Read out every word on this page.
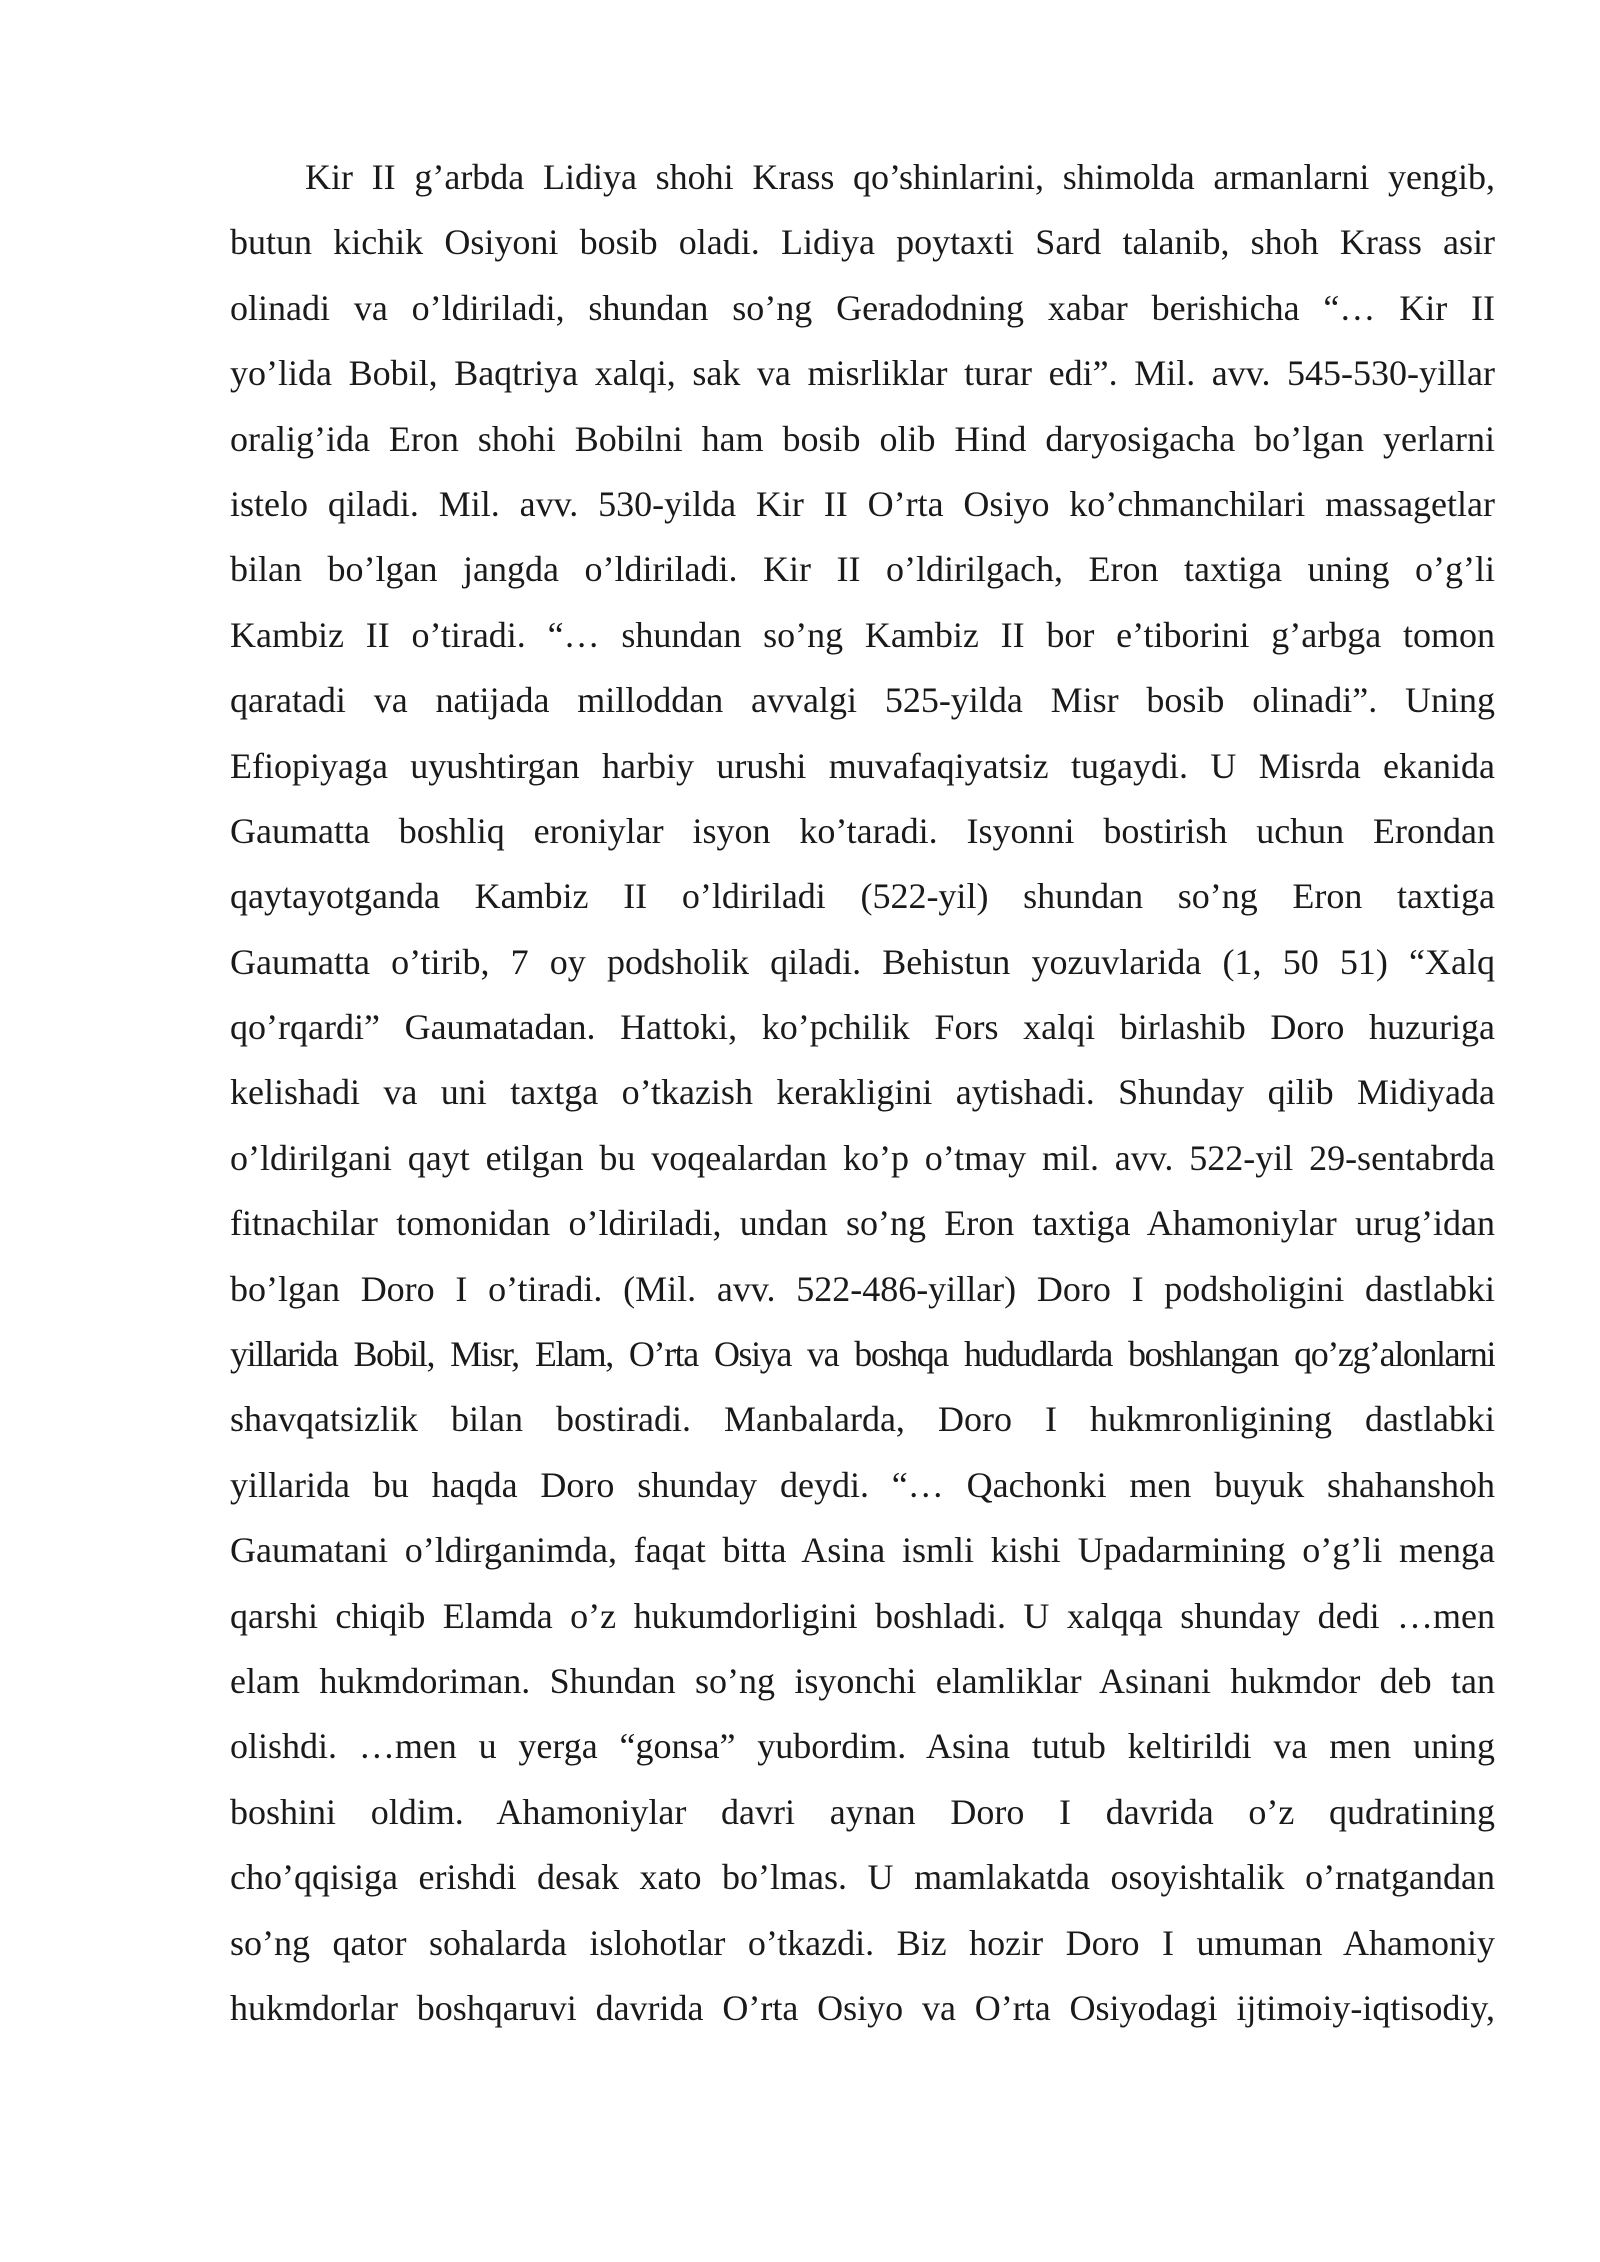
Kir II g’arbda Lidiya shohi Krass qo’shinlarini, shimolda armanlarni yengib,
butun kichik Osiyoni bosib oladi. Lidiya poytaxti Sard talanib, shoh Krass asir
olinadi va o’ldiriladi, shundan so’ng Geradodning xabar berishicha “… Kir II
yo’lida Bobil, Baqtriya xalqi, sak va misrliklar turar edi”. Mil. avv. 545-530-yillar
oralig’ida Eron shohi Bobilni ham bosib olib Hind daryosigacha bo’lgan yerlarni
istelo qiladi. Mil. avv. 530-yilda Kir II O’rta Osiyo ko’chmanchilari massagetlar
bilan bo’lgan jangda o’ldiriladi. Kir II o’ldirilgach, Eron taxtiga uning o’g’li
Kambiz II o’tiradi. “… shundan so’ng Kambiz II bor e’tiborini g’arbga tomon
qaratadi va natijada milloddan avvalgi 525-yilda Misr bosib olinadi”. Uning
Efiopiyaga uyushtirgan harbiy urushi muvafaqiyatsiz tugaydi. U Misrda ekanida
Gaumatta boshliq eroniylar isyon ko’taradi. Isyonni bostirish uchun Erondan
qaytayotganda Kambiz II o’ldiriladi (522-yil) shundan so’ng Eron taxtiga
Gaumatta o’tirib, 7 oy podsholik qiladi. Behistun yozuvlarida (1, 50 51) “Xalq
qo’rqardi” Gaumatadan. Hattoki, ko’pchilik Fors xalqi birlashib Doro huzuriga
kelishadi va uni taxtga o’tkazish kerakligini aytishadi. Shunday qilib Midiyada
o’ldirilgani qayt etilgan bu voqealardan ko’p o’tmay mil. avv. 522-yil 29-sentabrda
fitnachilar tomonidan o’ldiriladi, undan so’ng Eron taxtiga Ahamoniylar urug’idan
bo’lgan Doro I o’tiradi. (Mil. avv. 522-486-yillar) Doro I podsholigini dastlabki
yillarida Bobil, Misr, Elam, O’rta Osiya va boshqa hududlarda boshlangan qo’zg’alonlarni
shavqatsizlik bilan bostiradi. Manbalarda, Doro I hukmronligining dastlabki
yillarida bu haqda Doro shunday deydi. “… Qachonki men buyuk shahanshoh
Gaumatani o’ldirganimda, faqat bitta Asina ismli kishi Upadarmining o’g’li menga
qarshi chiqib Elamda o’z hukumdorligini boshladi. U xalqqa shunday dedi …men
elam hukmdoriman. Shundan so’ng isyonchi elamliklar Asinani hukmdor deb tan
olishdi. …men u yerga “gonsa” yubordim. Asina tutub keltirildi va men uning
boshini oldim. Ahamoniylar davri aynan Doro I davrida o’z qudratining
cho’qqisiga erishdi desak xato bo’lmas. U mamlakatda osoyishtalik o’rnatgandan
so’ng qator sohalarda islohotlar o’tkazdi. Biz hozir Doro I umuman Ahamoniy
hukmdorlar boshqaruvi davrida O’rta Osiyo va O’rta Osiyodagi ijtimoiy-iqtisodiy,
